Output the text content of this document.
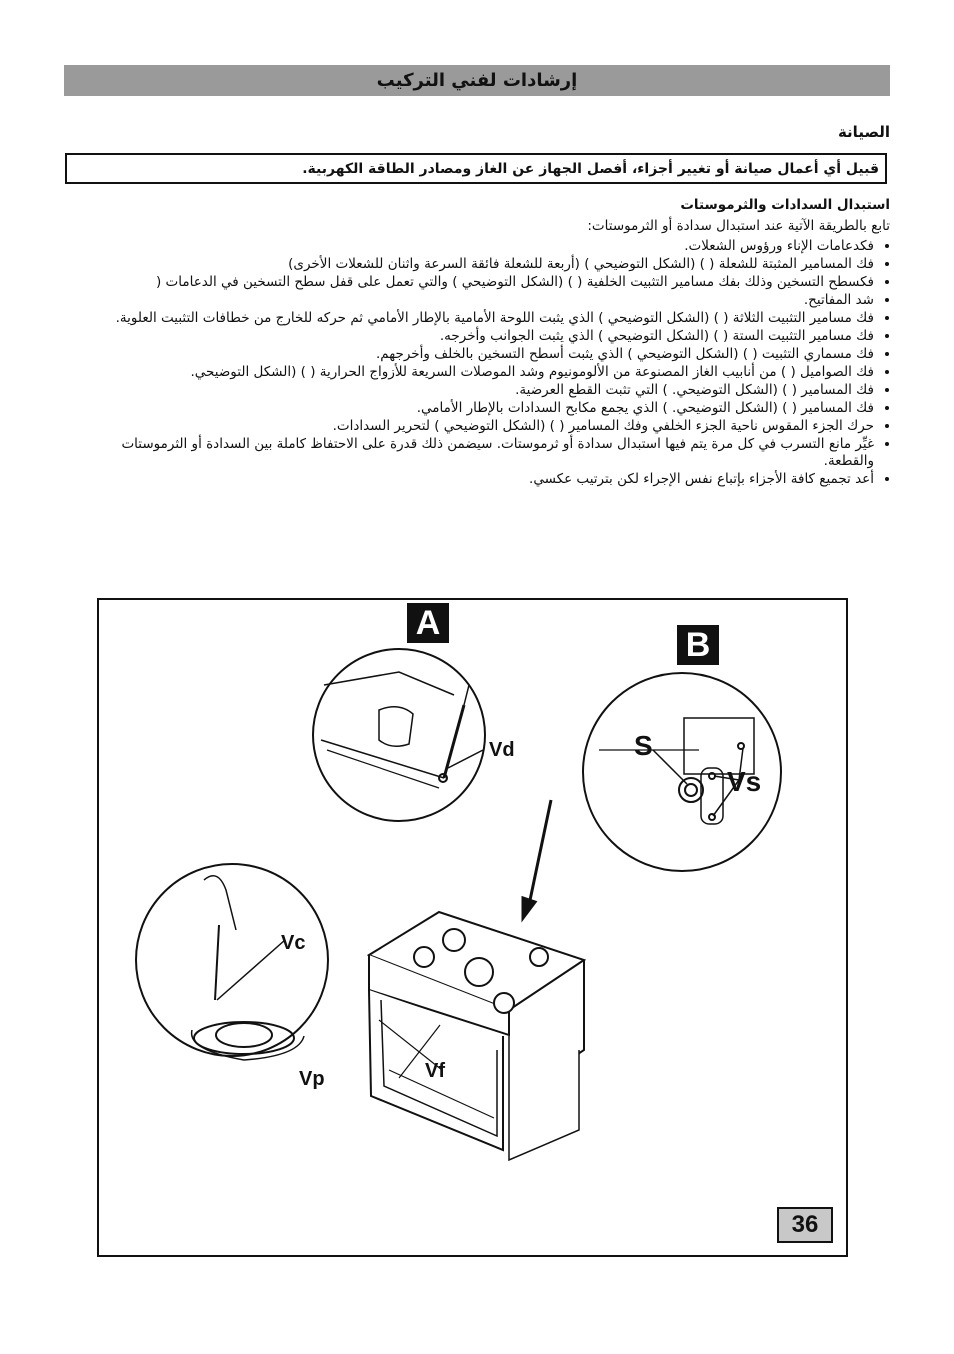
إرشادات لفني التركيب
الصيانة
قبيل أي أعمال صيانة أو تغيير أجزاء، أفصل الجهاز عن الغاز ومصادر الطاقة الكهربية.
استبدال السدادات والثرموستات
تابع بالطريقة الآتية عند استبدال سدادة أو الثرموستات:
• فكدعامات الإناء ورؤوس الشعلات.
• فك المسامير المثبتة للشعلة ( ) (الشكل التوضيحي ) (أربعة للشعلة فائقة السرعة واثنان للشعلات الأخرى)
• فكسطح التسخين وذلك بفك مسامير التثبيت الخلفية ( ) (الشكل التوضيحي ) والتي تعمل على قفل سطح التسخين في الدعامات (
• شد المفاتيح.
• فك مسامير التثبيت الثلاثة ( ) (الشكل التوضيحي ) الذي يثبت اللوحة الأمامية بالإطار الأمامي ثم حركه للخارج من خطافات التثبيت العلوية.
• فك مسامير التثبيت الستة ( ) (الشكل التوضيحي ) الذي يثبت الجوانب وأخرجه.
• فك مسماري التثبيت ( ) (الشكل التوضيحي ) الذي يثبت أسطح التسخين بالخلف وأخرجهم.
• فك الصواميل ( ) من أنابيب الغاز المصنوعة من الألومونيوم وشد الموصلات السريعة للأزواج الحرارية ( ) (الشكل التوضيحي.
• فك المسامير ( ) (الشكل التوضيحي. ) التي تثبت القطع العرضية.
• فك المسامير ( ) (الشكل التوضيحي. ) الذي يجمع مكابح السدادات بالإطار الأمامي.
• حرك الجزء المقوس ناحية الجزء الخلفي وفك المسامير ( ) (الشكل التوضيحي ) لتحرير السدادات.
• غيِّر مانع التسرب في كل مرة يتم فيها استبدال سدادة أو ثرموستات. سيضمن ذلك قدرة على الاحتفاظ كاملة بين السدادة أو الثرموستات والقطعة.
• أعد تجميع كافة الأجزاء بإتباع نفس الإجراء لكن بترتيب عكسي.
A
B
Vd	S
Vs
Vc
Vp	Vf
36
